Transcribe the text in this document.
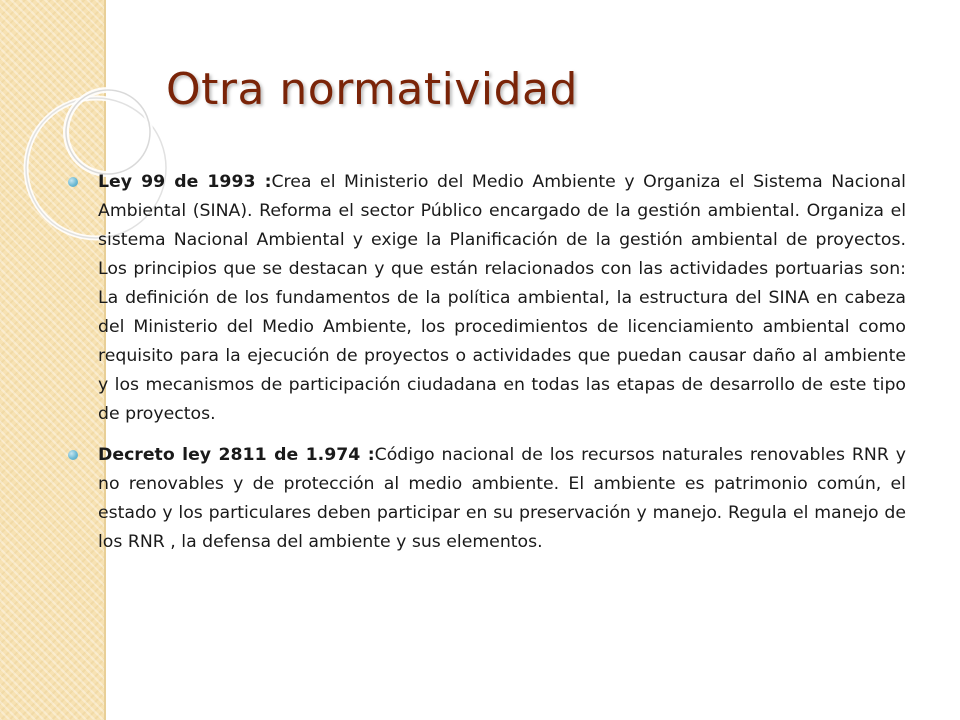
Otra normatividad
Ley 99 de 1993 :Crea el Ministerio del Medio Ambiente y Organiza el Sistema Nacional Ambiental (SINA). Reforma el sector Público encargado de la gestión ambiental. Organiza el sistema Nacional Ambiental y exige la Planificación de la gestión ambiental de proyectos. Los principios que se destacan y que están relacionados con las actividades portuarias son: La definición de los fundamentos de la política ambiental, la estructura del SINA en cabeza del Ministerio del Medio Ambiente, los procedimientos de licenciamiento ambiental como requisito para la ejecución de proyectos o actividades que puedan causar daño al ambiente y los mecanismos de participación ciudadana en todas las etapas de desarrollo de este tipo de proyectos.
Decreto ley 2811 de 1.974 :Código nacional de los recursos naturales renovables RNR y no renovables y de protección al medio ambiente. El ambiente es patrimonio común, el estado y los particulares deben participar en su preservación y manejo. Regula el manejo de los RNR , la defensa del ambiente y sus elementos.
